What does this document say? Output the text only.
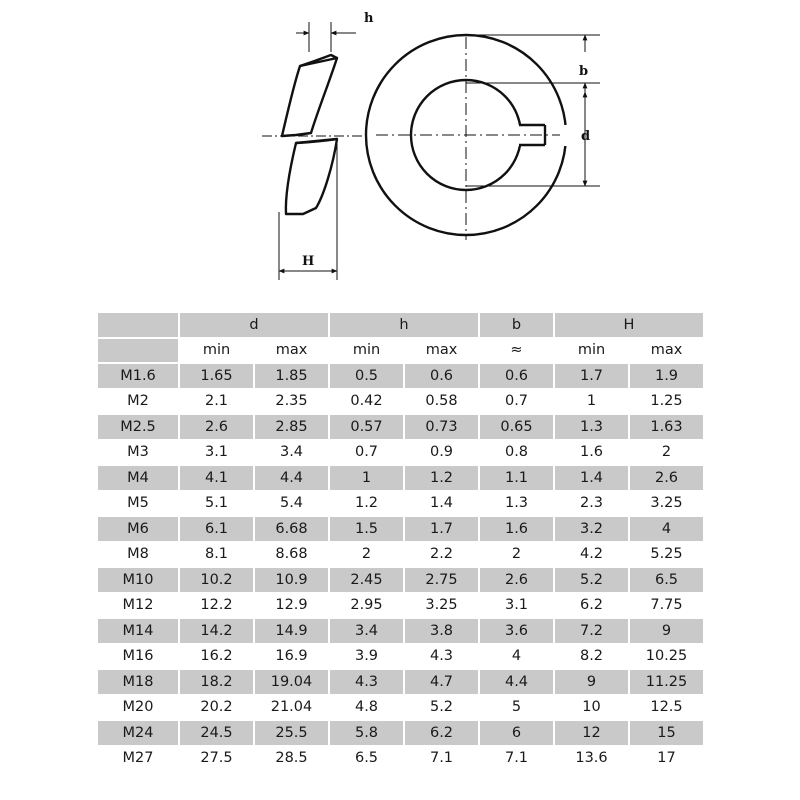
h
H
b
d
	d		h		b	H	
	min	max	min	max	≈	min	max
M1.6	1.65	1.85	0.5	0.6	0.6	1.7	1.9
M2	2.1	2.35	0.42	0.58	0.7	1	1.25
M2.5	2.6	2.85	0.57	0.73	0.65	1.3	1.63
M3	3.1	3.4	0.7	0.9	0.8	1.6	2
M4	4.1	4.4	1	1.2	1.1	1.4	2.6
M5	5.1	5.4	1.2	1.4	1.3	2.3	3.25
M6	6.1	6.68	1.5	1.7	1.6	3.2	4
M8	8.1	8.68	2	2.2	2	4.2	5.25
M10	10.2	10.9	2.45	2.75	2.6	5.2	6.5
M12	12.2	12.9	2.95	3.25	3.1	6.2	7.75
M14	14.2	14.9	3.4	3.8	3.6	7.2	9
M16	16.2	16.9	3.9	4.3	4	8.2	10.25
M18	18.2	19.04	4.3	4.7	4.4	9	11.25
M20	20.2	21.04	4.8	5.2	5	10	12.5
M24	24.5	25.5	5.8	6.2	6	12	15
M27	27.5	28.5	6.5	7.1	7.1	13.6	17
